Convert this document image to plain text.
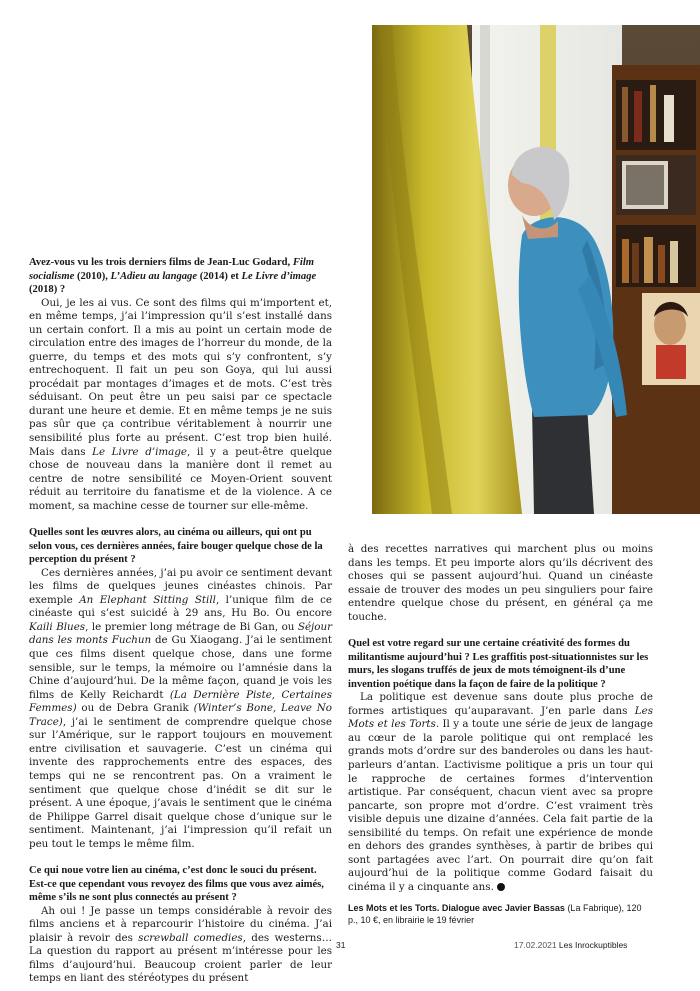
Avez-vous vu les trois derniers films de Jean-Luc Godard, Film socialisme (2010), L’Adieu au langage (2014) et Le Livre d’image (2018) ?

Oui, je les ai vus. Ce sont des films qui m’importent et, en même temps, j’ai l’impression qu’il s’est installé dans un certain confort. Il a mis au point un certain mode de circulation entre des images de l’horreur du monde, de la guerre, du temps et des mots qui s’y confrontent, s’y entrechoquent. Il fait un peu son Goya, qui lui aussi procédait par montages d’images et de mots. C’est très séduisant. On peut être un peu saisi par ce spectacle durant une heure et demie. Et en même temps je ne suis pas sûr que ça contribue véritablement à nourrir une sensibilité plus forte au présent. C’est trop bien huilé. Mais dans Le Livre d’image, il y a peut-être quelque chose de nouveau dans la manière dont il remet au centre de notre sensibilité ce Moyen-Orient souvent réduit au territoire du fanatisme et de la violence. A ce moment, sa machine cesse de tourner sur elle-même.

Quelles sont les œuvres alors, au cinéma ou ailleurs, qui ont pu selon vous, ces dernières années, faire bouger quelque chose de la perception du présent ?

Ces dernières années, j’ai pu avoir ce sentiment devant les films de quelques jeunes cinéastes chinois. Par exemple An Elephant Sitting Still, l’unique film de ce cinéaste qui s’est suicidé à 29 ans, Hu Bo. Ou encore Kaili Blues, le premier long métrage de Bi Gan, ou Séjour dans les monts Fuchun de Gu Xiaogang. J’ai le sentiment que ces films disent quelque chose, dans une forme sensible, sur le temps, la mémoire ou l’amnésie dans la Chine d’aujourd’hui. De la même façon, quand je vois les films de Kelly Reichardt (La Dernière Piste, Certaines Femmes) ou de Debra Granik (Winter’s Bone, Leave No Trace), j’ai le sentiment de comprendre quelque chose sur l’Amérique, sur le rapport toujours en mouvement entre civilisation et sauvagerie. C’est un cinéma qui invente des rapprochements entre des espaces, des temps qui ne se rencontrent pas. On a vraiment le sentiment que quelque chose d’inédit se dit sur le présent. A une époque, j’avais le sentiment que le cinéma de Philippe Garrel disait quelque chose d’unique sur le sentiment. Maintenant, j’ai l’impression qu’il refait un peu tout le temps le même film.

Ce qui noue votre lien au cinéma, c’est donc le souci du présent. Est-ce que cependant vous revoyez des films que vous avez aimés, même s’ils ne sont plus connectés au présent ?

Ah oui ! Je passe un temps considérable à revoir des films anciens et à reparcourir l’histoire du cinéma. J’ai plaisir à revoir des screwball comedies, des westerns… La question du rapport au présent m’intéresse pour les films d’aujourd’hui. Beaucoup croient parler de leur temps en liant des stéréotypes du présent

à des recettes narratives qui marchent plus ou moins dans les temps. Et peu importe alors qu’ils décrivent des choses qui se passent aujourd’hui. Quand un cinéaste essaie de trouver des modes un peu singuliers pour faire entendre quelque chose du présent, en général ça me touche.

Quel est votre regard sur une certaine créativité des formes du militantisme aujourd’hui ? Les graffitis post-situationnistes sur les murs, les slogans truffés de jeux de mots témoignent-ils d’une invention poétique dans la façon de faire de la politique ?

La politique est devenue sans doute plus proche de formes artistiques qu’auparavant. J’en parle dans Les Mots et les Torts. Il y a toute une série de jeux de langage au cœur de la parole politique qui ont remplacé les grands mots d’ordre sur des banderoles ou dans les haut-parleurs d’antan. L’activisme politique a pris un tour qui le rapproche de certaines formes d’intervention artistique. Par conséquent, chacun vient avec sa propre pancarte, son propre mot d’ordre. C’est vraiment très visible depuis une dizaine d’années. Cela fait partie de la sensibilité du temps. On refait une expérience de monde en dehors des grandes synthèses, à partir de bribes qui sont partagées avec l’art. On pourrait dire qu’on fait aujourd’hui de la politique comme Godard faisait du cinéma il y a cinquante ans.

Les Mots et les Torts. Dialogue avec Javier Bassas (La Fabrique), 120 p., 10 €, en librairie le 19 février
31	17.02.2021 Les Inrockuptibles
